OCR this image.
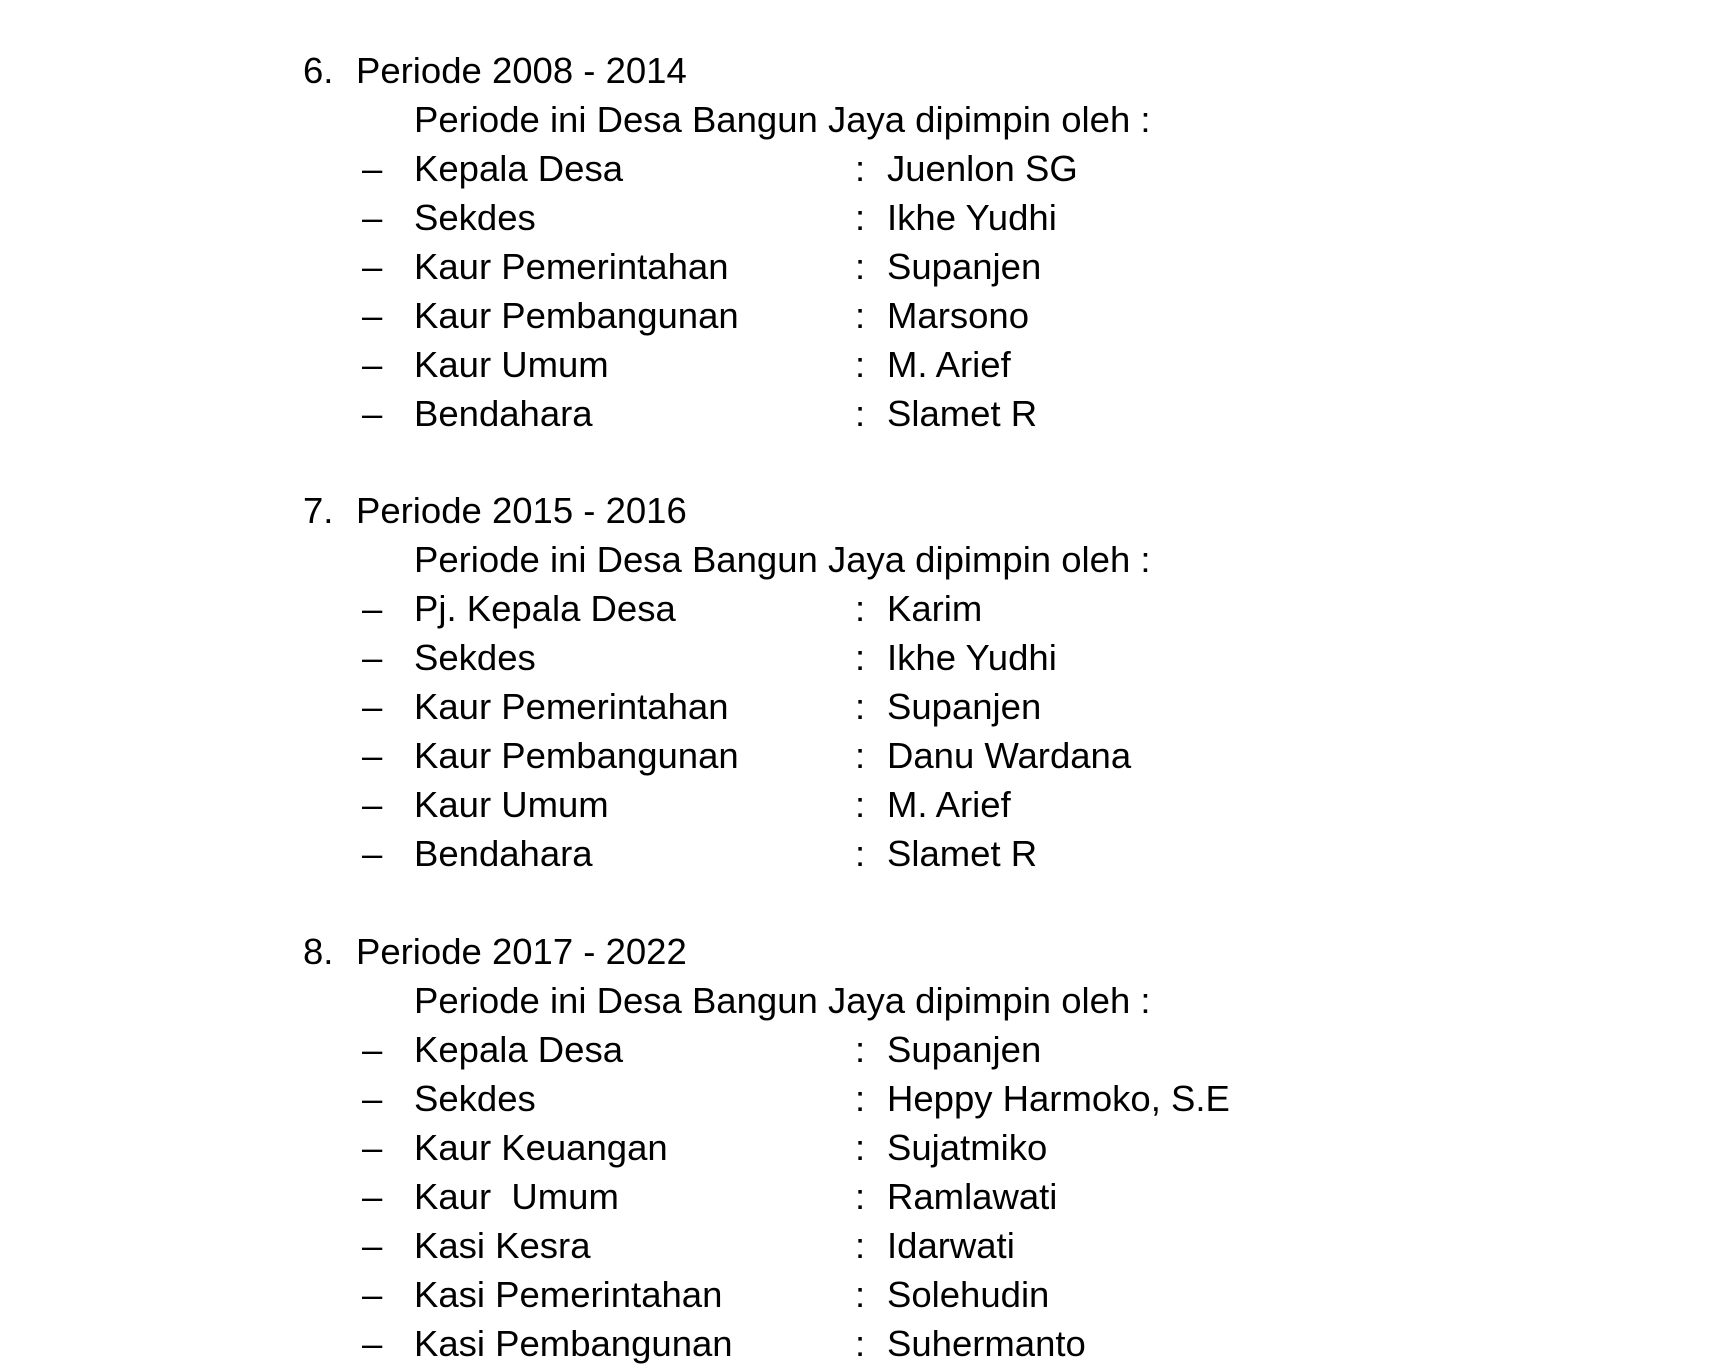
6. Periode 2008 - 2014
Periode ini Desa Bangun Jaya dipimpin oleh :
– Kepala Desa	: Juenlon SG
– Sekdes	: Ikhe Yudhi
– Kaur Pemerintahan	: Supanjen
– Kaur Pembangunan	: Marsono
– Kaur Umum	: M. Arief
– Bendahara	: Slamet R
7. Periode 2015 - 2016
Periode ini Desa Bangun Jaya dipimpin oleh :
– Pj. Kepala Desa	: Karim
– Sekdes	: Ikhe Yudhi
– Kaur Pemerintahan	: Supanjen
– Kaur Pembangunan	: Danu Wardana
– Kaur Umum	: M. Arief
– Bendahara	: Slamet R
8. Periode 2017 - 2022
Periode ini Desa Bangun Jaya dipimpin oleh :
– Kepala Desa	: Supanjen
– Sekdes	: Heppy Harmoko, S.E
– Kaur Keuangan	: Sujatmiko
– Kaur  Umum	: Ramlawati
– Kasi Kesra	: Idarwati
– Kasi Pemerintahan	: Solehudin
– Kasi Pembangunan	: Suhermanto
